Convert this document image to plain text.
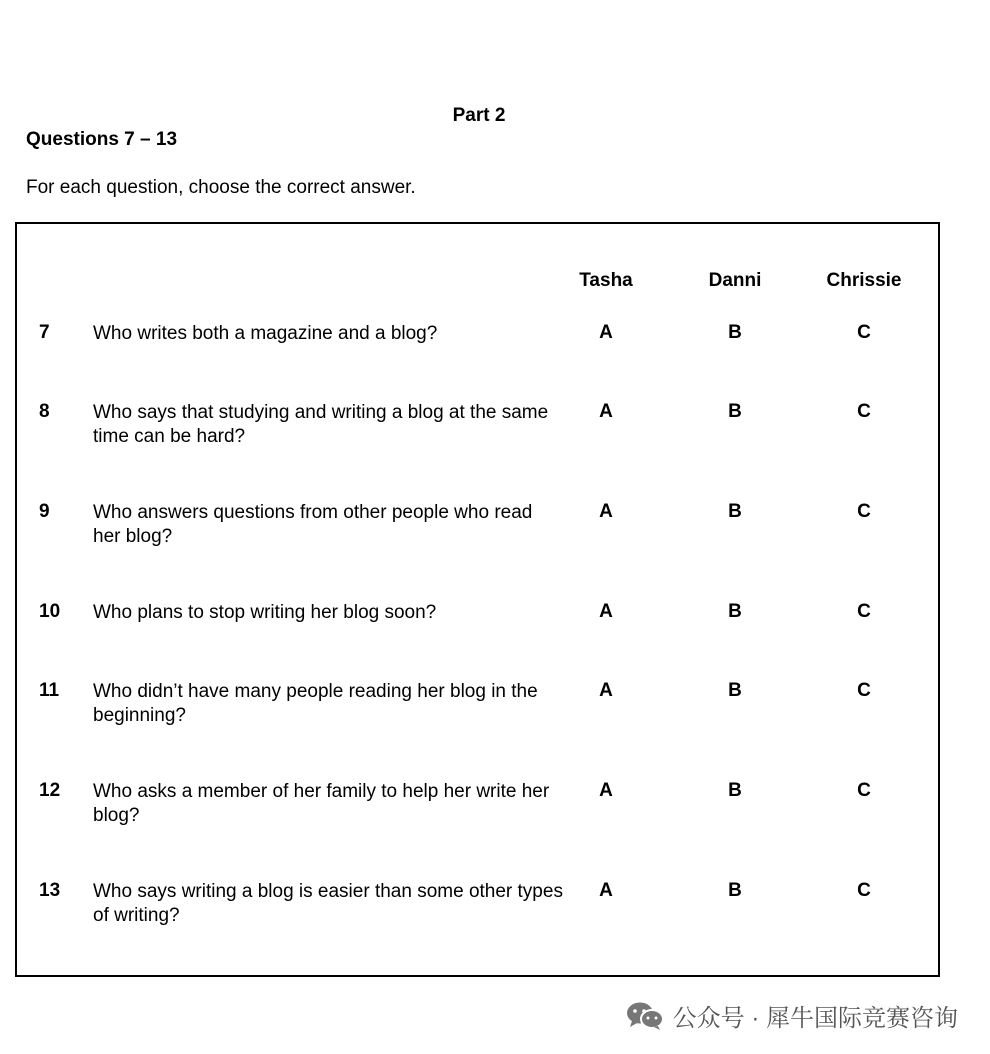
Part 2
Questions 7 – 13
For each question, choose the correct answer.
Tasha	Danni	Chrissie
7 Who writes both a magazine and a blog?	A	B	C
8 Who says that studying and writing a blog at the same time can be hard?
A	B	C
9 Who answers questions from other people who read her blog?
A	B	C
10 Who plans to stop writing her blog soon?	A	B	C
11 Who didn’t have many people reading her blog in the beginning?
A	B	C
12 Who asks a member of her family to help her write her blog?
A	B	C
13 Who says writing a blog is easier than some other types of writing?
A	B	C
公众号 · 犀牛国际竞赛咨询
